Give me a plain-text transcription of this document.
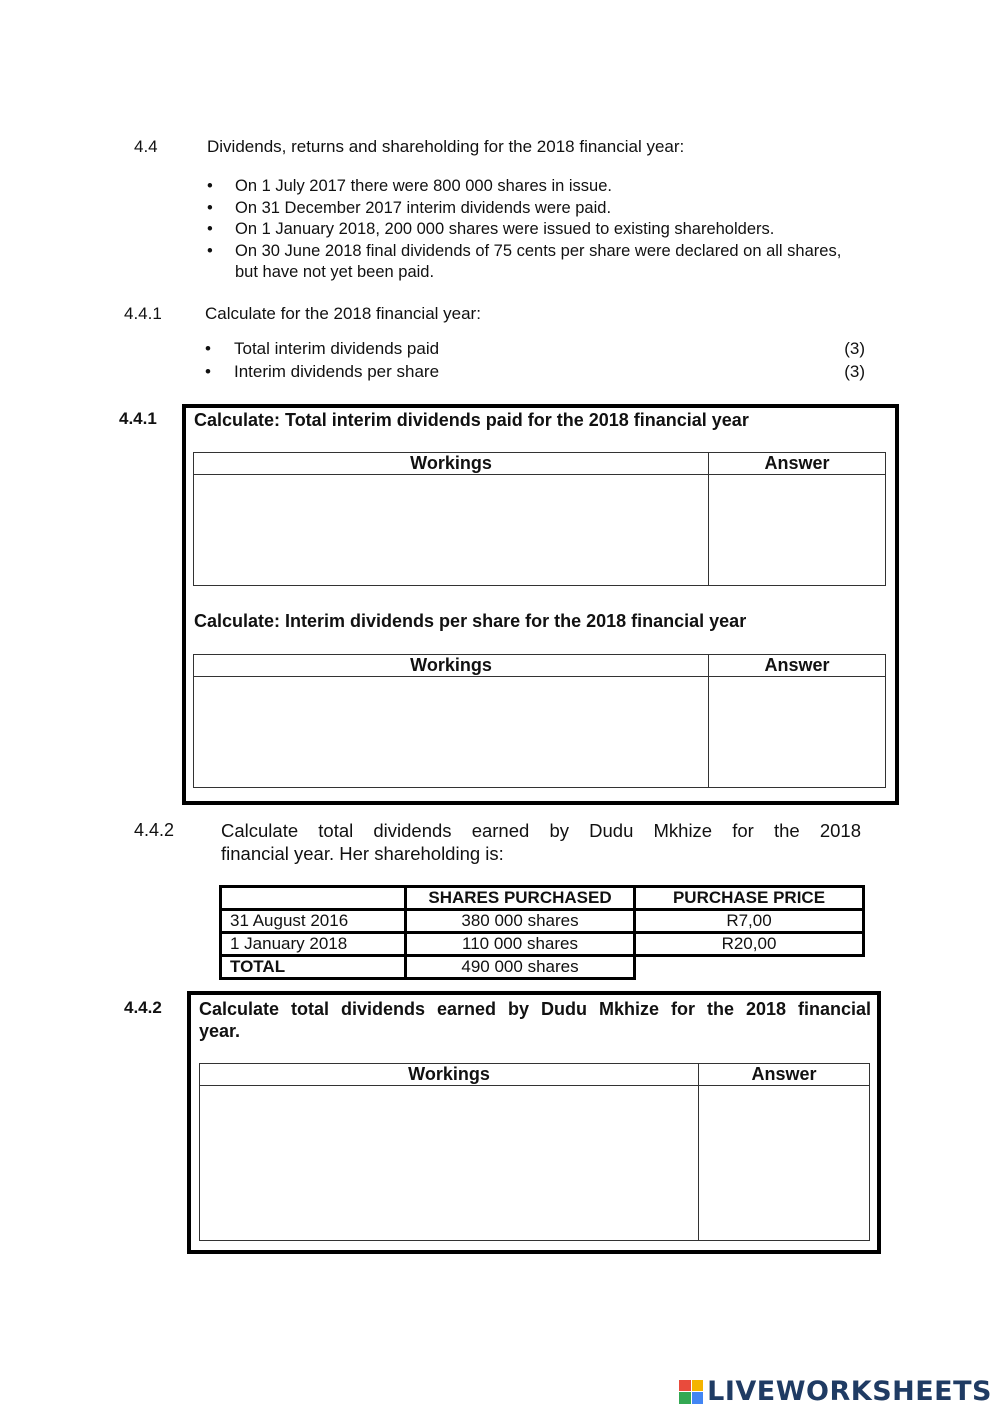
4.4	Dividends, returns and shareholding for the 2018 financial year:
•	On 1 July 2017 there were 800 000 shares in issue.
•	On 31 December 2017 interim dividends were paid.
•	On 1 January 2018, 200 000 shares were issued to existing shareholders.
•	On 30 June 2018 final dividends of 75 cents per share were declared on all shares, but have not yet been paid.
4.4.1	Calculate for the 2018 financial year:
•	Total interim dividends paid	(3)
•	Interim dividends per share	(3)
4.4.1 Calculate: Total interim dividends paid for the 2018 financial year
Workings	Answer

Calculate: Interim dividends per share for the 2018 financial year
Workings	Answer

4.4.2	Calculate total dividends earned by Dudu Mkhize for the 2018
financial year. Her shareholding is:
	SHARES PURCHASED	PURCHASE PRICE
31 August 2016	380 000 shares	R7,00
1 January 2018	110 000 shares	R20,00
TOTAL	490 000 shares	
4.4.2 Calculate total dividends earned by Dudu Mkhize for the 2018 financial
year.
Workings	Answer

LIVEWORKSHEETS
